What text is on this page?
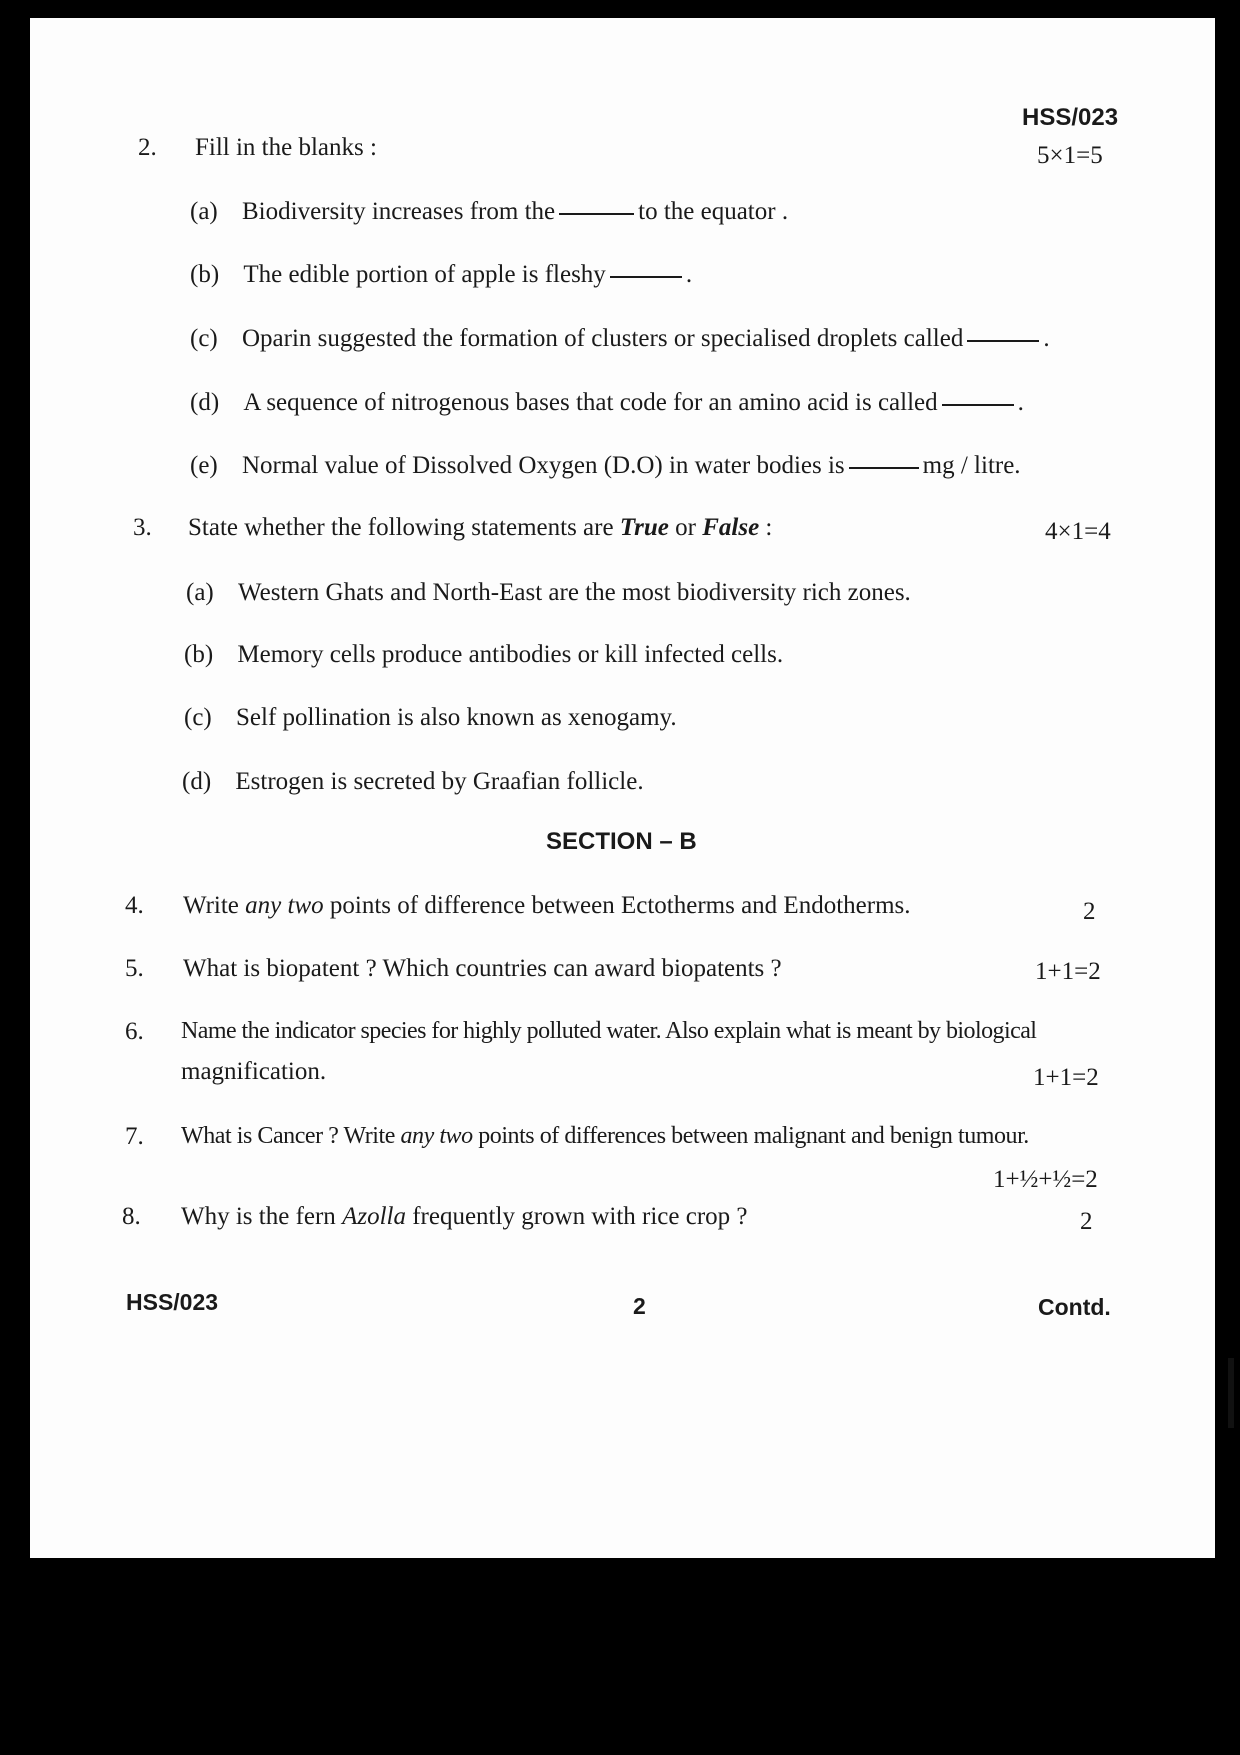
HSS/023
2. Fill in the blanks :	5×1=5
(a) Biodiversity increases from the	to the equator .
(b) The edible portion of apple is fleshy	.
(c) Oparin suggested the formation of clusters or specialised droplets called	.
(d) A sequence of nitrogenous bases that code for an amino acid is called	.
(e) Normal value of Dissolved Oxygen (D.O) in water bodies is	mg / litre.
3. State whether the following statements are True or False :	4×1=4
(a) Western Ghats and North-East are the most biodiversity rich zones.
(b) Memory cells produce antibodies or kill infected cells.
(c) Self pollination is also known as xenogamy.
(d) Estrogen is secreted by Graafian follicle.
SECTION – B
4. Write any two points of difference between Ectotherms and Endotherms.	2
5. What is biopatent ? Which countries can award biopatents ?	1+1=2
6. Name the indicator species for highly polluted water. Also explain what is meant by biological
magnification.	1+1=2
7. What is Cancer ? Write any two points of differences between malignant and benign tumour.
1+½+½=2
8. Why is the fern Azolla frequently grown with rice crop ?	2
HSS/023	2	Contd.
